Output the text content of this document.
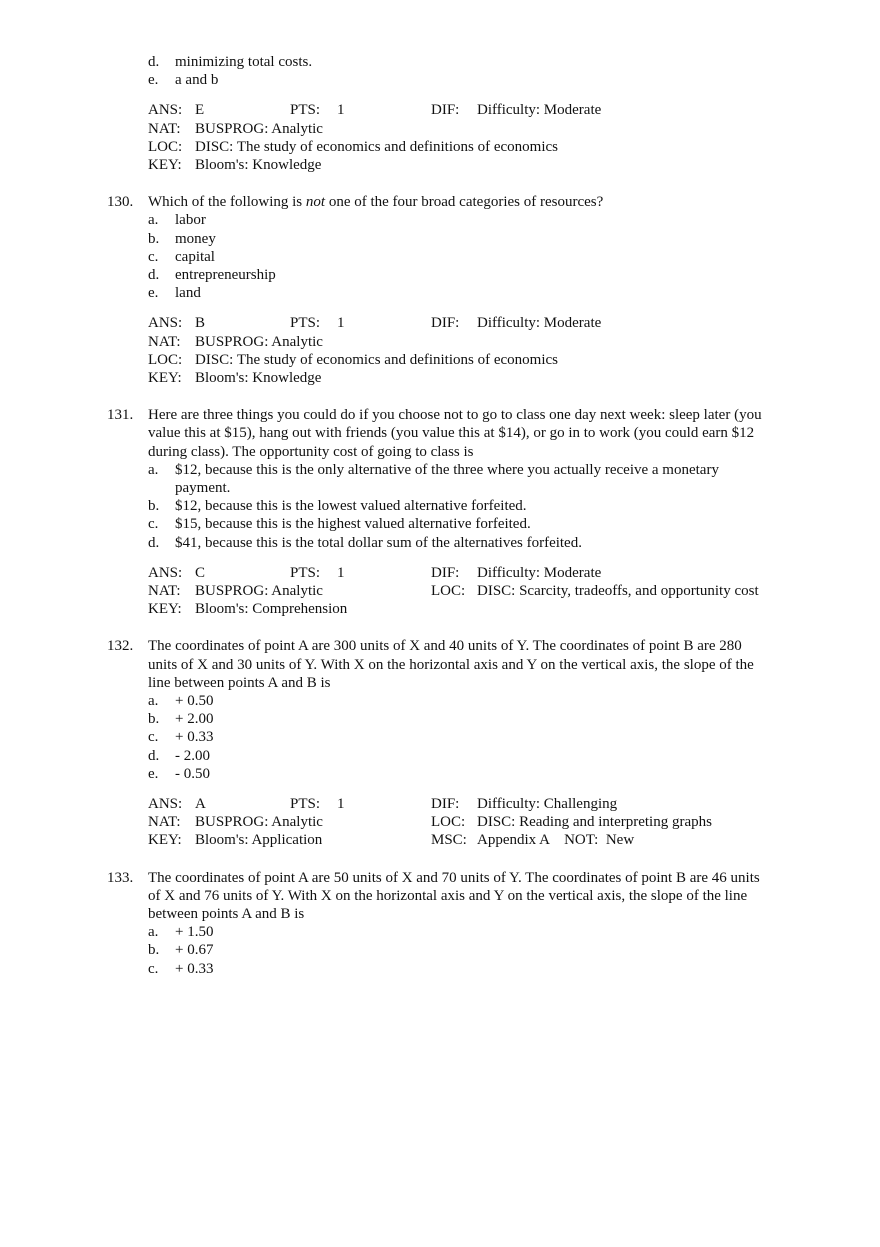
d. minimizing total costs.
e. a and b
ANS: E	PTS: 1	DIF: Difficulty: Moderate
NAT: BUSPROG: Analytic
LOC: DISC: The study of economics and definitions of economics
KEY: Bloom's: Knowledge
130. Which of the following is not one of the four broad categories of resources?
a. labor
b. money
c. capital
d. entrepreneurship
e. land
ANS: B	PTS: 1	DIF: Difficulty: Moderate
NAT: BUSPROG: Analytic
LOC: DISC: The study of economics and definitions of economics
KEY: Bloom's: Knowledge
131. Here are three things you could do if you choose not to go to class one day next week: sleep later (you
value this at $15), hang out with friends (you value this at $14), or go in to work (you could earn $12
during class). The opportunity cost of going to class is
a. $12, because this is the only alternative of the three where you actually receive a monetary
payment.
b. $12, because this is the lowest valued alternative forfeited.
c. $15, because this is the highest valued alternative forfeited.
d. $41, because this is the total dollar sum of the alternatives forfeited.
ANS: C	PTS: 1	DIF: Difficulty: Moderate
NAT: BUSPROG: Analytic	LOC: DISC: Scarcity, tradeoffs, and opportunity cost
KEY: Bloom's: Comprehension
132. The coordinates of point A are 300 units of X and 40 units of Y. The coordinates of point B are 280
units of X and 30 units of Y. With X on the horizontal axis and Y on the vertical axis, the slope of the
line between points A and B is
a. + 0.50
b. + 2.00
c. + 0.33
d. - 2.00
e. - 0.50
ANS: A	PTS: 1	DIF: Difficulty: Challenging
NAT: BUSPROG: Analytic	LOC: DISC: Reading and interpreting graphs
KEY: Bloom's: Application	MSC: Appendix A    NOT:  New
133. The coordinates of point A are 50 units of X and 70 units of Y. The coordinates of point B are 46 units
of X and 76 units of Y. With X on the horizontal axis and Y on the vertical axis, the slope of the line
between points A and B is
a. + 1.50
b. + 0.67
c. + 0.33
